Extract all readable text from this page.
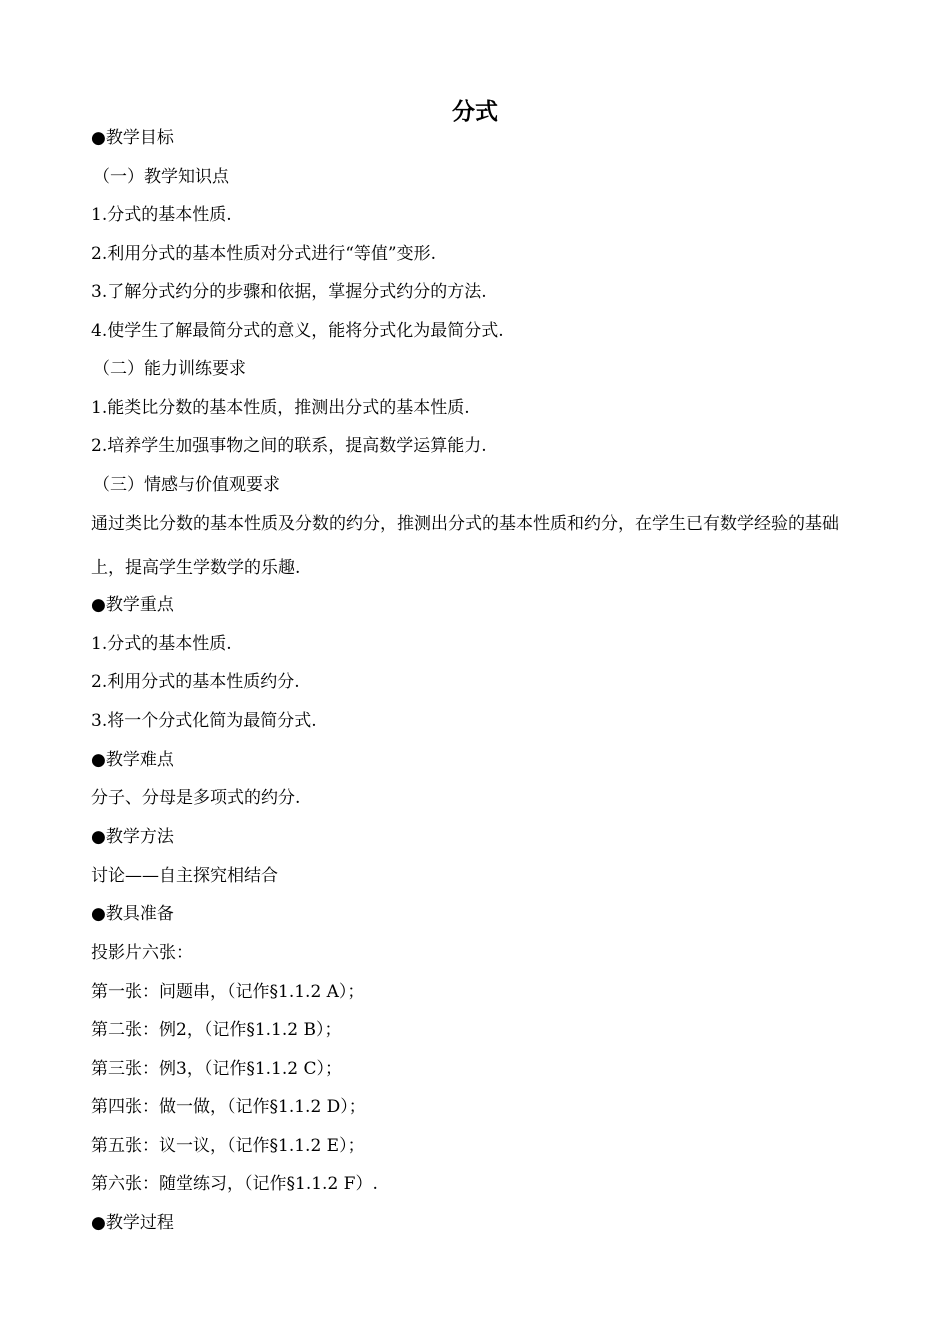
分式
●教学目标
（一）教学知识点
1.分式的基本性质.
2.利用分式的基本性质对分式进行“等值”变形.
3.了解分式约分的步骤和依据，掌握分式约分的方法.
4.使学生了解最简分式的意义，能将分式化为最简分式.
（二）能力训练要求
1.能类比分数的基本性质，推测出分式的基本性质.
2.培养学生加强事物之间的联系，提高数学运算能力.
（三）情感与价值观要求
通过类比分数的基本性质及分数的约分，推测出分式的基本性质和约分，在学生已有数学经验的基础上，提高学生学数学的乐趣.
●教学重点
1.分式的基本性质.
2.利用分式的基本性质约分.
3.将一个分式化简为最简分式.
●教学难点
分子、分母是多项式的约分.
●教学方法
讨论——自主探究相结合
●教具准备
投影片六张：
第一张：问题串，（记作§1.1.2 A）；
第二张：例2，（记作§1.1.2 B）；
第三张：例3，（记作§1.1.2 C）；
第四张：做一做，（记作§1.1.2 D）；
第五张：议一议，（记作§1.1.2 E）；
第六张：随堂练习，（记作§1.1.2 F）.
●教学过程
